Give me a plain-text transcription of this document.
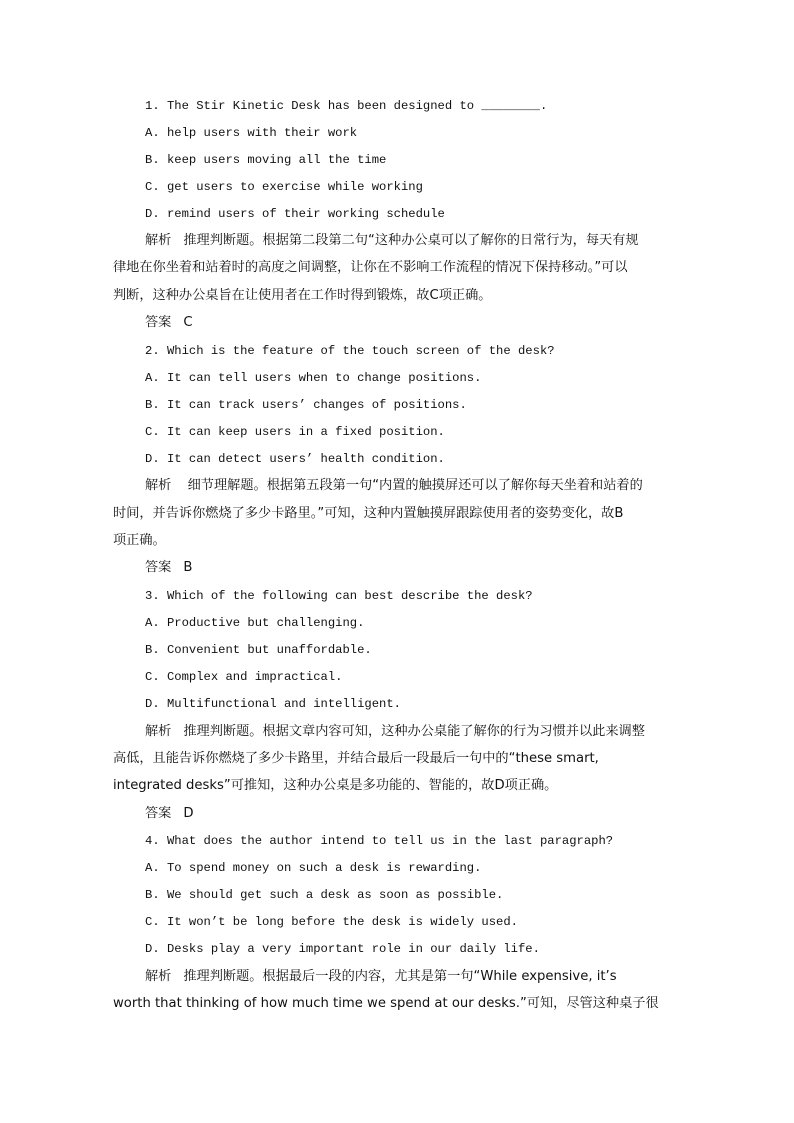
1. The Stir Kinetic Desk has been designed to ________.
A. help users with their work
B. keep users moving all the time
C. get users to exercise while working
D. remind users of their working schedule
解析 推理判断题。根据第二段第二句“这种办公桌可以了解你的日常行为，每天有规
律地在你坐着和站着时的高度之间调整，让你在不影响工作流程的情况下保持移动。”可以
判断，这种办公桌旨在让使用者在工作时得到锻炼，故C项正确。
答案 C
2. Which is the feature of the touch screen of the desk?
A. It can tell users when to change positions.
B. It can track users’ changes of positions.
C. It can keep users in a fixed position.
D. It can detect users’ health condition.
解析 细节理解题。根据第五段第一句“内置的触摸屏还可以了解你每天坐着和站着的
时间，并告诉你燃烧了多少卡路里。”可知，这种内置触摸屏跟踪使用者的姿势变化，故B
项正确。
答案 B
3. Which of the following can best describe the desk?
A. Productive but challenging.
B. Convenient but unaffordable.
C. Complex and impractical.
D. Multifunctional and intelligent.
解析 推理判断题。根据文章内容可知，这种办公桌能了解你的行为习惯并以此来调整
高低，且能告诉你燃烧了多少卡路里，并结合最后一段最后一句中的“these smart,
integrated desks”可推知，这种办公桌是多功能的、智能的，故D项正确。
答案 D
4. What does the author intend to tell us in the last paragraph?
A. To spend money on such a desk is rewarding.
B. We should get such a desk as soon as possible.
C. It won’t be long before the desk is widely used.
D. Desks play a very important role in our daily life.
解析 推理判断题。根据最后一段的内容，尤其是第一句“While expensive, it’s
worth that thinking of how much time we spend at our desks.”可知，尽管这种桌子很
